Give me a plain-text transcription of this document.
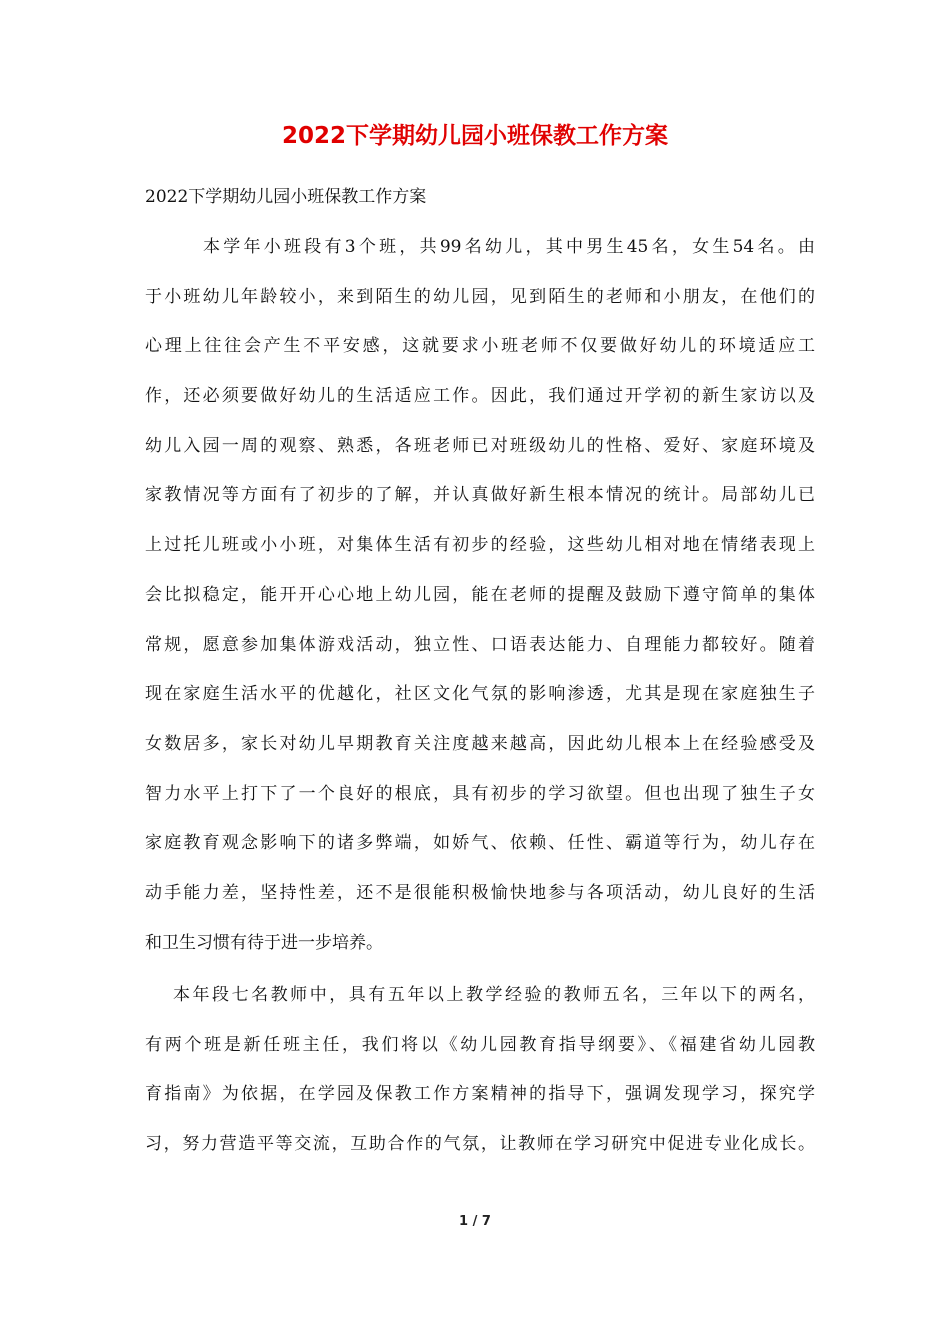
2022下学期幼儿园小班保教工作方案
2022下学期幼儿园小班保教工作方案
本学年小班段有3个班，共99名幼儿，其中男生45名，女生54名。由
于小班幼儿年龄较小，来到陌生的幼儿园，见到陌生的老师和小朋友，在他们的
心理上往往会产生不平安感，这就要求小班老师不仅要做好幼儿的环境适应工
作，还必须要做好幼儿的生活适应工作。因此，我们通过开学初的新生家访以及
幼儿入园一周的观察、熟悉，各班老师已对班级幼儿的性格、爱好、家庭环境及
家教情况等方面有了初步的了解，并认真做好新生根本情况的统计。局部幼儿已
上过托儿班或小小班，对集体生活有初步的经验，这些幼儿相对地在情绪表现上
会比拟稳定，能开开心心地上幼儿园，能在老师的提醒及鼓励下遵守简单的集体
常规，愿意参加集体游戏活动，独立性、口语表达能力、自理能力都较好。随着
现在家庭生活水平的优越化，社区文化气氛的影响渗透，尤其是现在家庭独生子
女数居多，家长对幼儿早期教育关注度越来越高，因此幼儿根本上在经验感受及
智力水平上打下了一个良好的根底，具有初步的学习欲望。但也出现了独生子女
家庭教育观念影响下的诸多弊端，如娇气、依赖、任性、霸道等行为，幼儿存在
动手能力差，坚持性差，还不是很能积极愉快地参与各项活动，幼儿良好的生活
和卫生习惯有待于进一步培养。
本年段七名教师中，具有五年以上教学经验的教师五名，三年以下的两名，
有两个班是新任班主任，我们将以《幼儿园教育指导纲要》、《福建省幼儿园教
育指南》为依据，在学园及保教工作方案精神的指导下，强调发现学习，探究学
习，努力营造平等交流，互助合作的气氛，让教师在学习研究中促进专业化成长。
1 / 7
